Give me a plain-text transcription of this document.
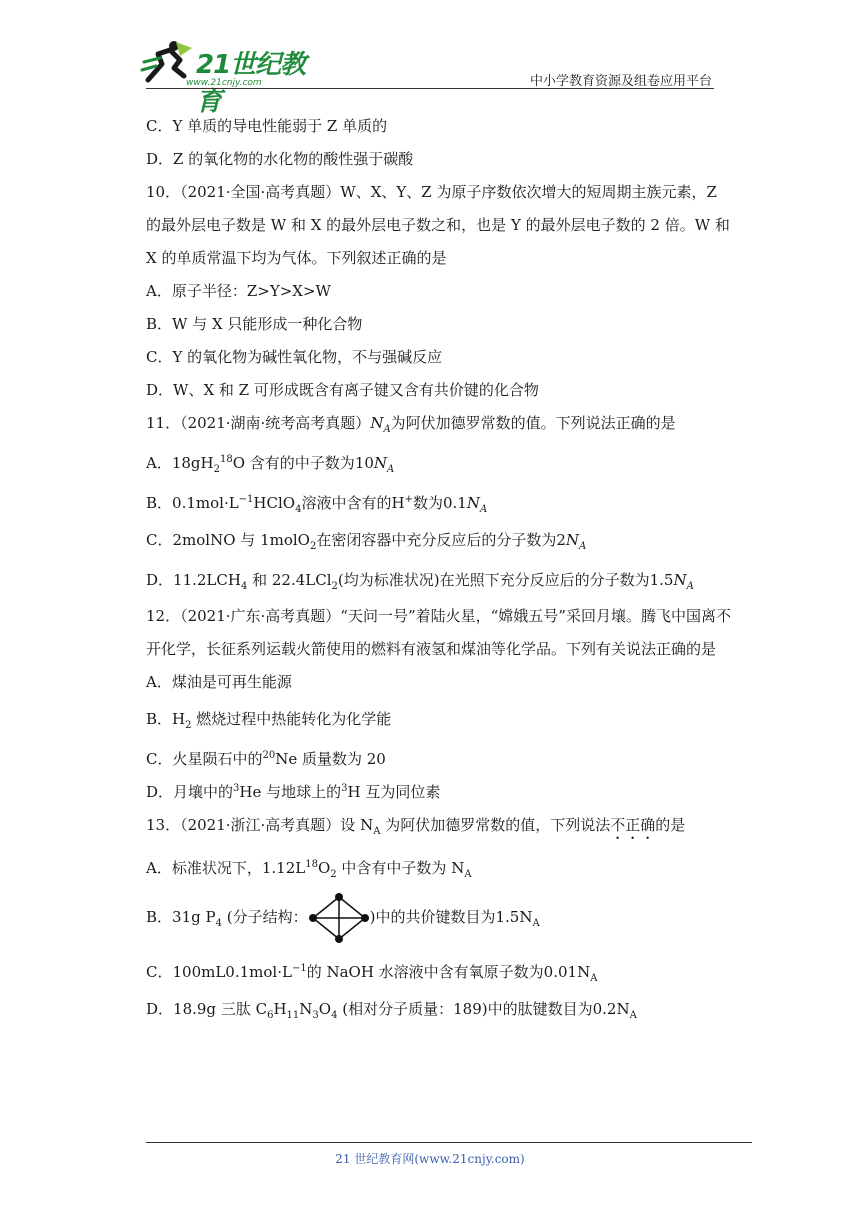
21世纪教育
www.21cnjy.com	中小学教育资源及组卷应用平台
C．Y 单质的导电性能弱于 Z 单质的
D．Z 的氧化物的水化物的酸性强于碳酸
10．（2021·全国·高考真题）W、X、Y、Z 为原子序数依次增大的短周期主族元素，Z
的最外层电子数是 W 和 X 的最外层电子数之和，也是 Y 的最外层电子数的 2 倍。W 和
X 的单质常温下均为气体。下列叙述正确的是
A．原子半径：Z>Y>X>W
B．W 与 X 只能形成一种化合物
C．Y 的氧化物为碱性氧化物，不与强碱反应
D．W、X 和 Z 可形成既含有离子键又含有共价键的化合物
11．（2021·湖南·统考高考真题）$N_A$为阿伏加德罗常数的值。下列说法正确的是
A．$18gH_2^{18}O$ 含有的中子数为$10N_A$
B．$0.1mol\cdot L^{-1}HClO_4$溶液中含有的H+数为$0.1N_A$
C．2molNO 与 1molO$_2$在密闭容器中充分反应后的分子数为$2N_A$
D．$11.2LCH_4$ 和 22.4LCl$_2$(均为标准状况)在光照下充分反应后的分子数为$1.5N_A$
12．（2021·广东·高考真题）“天问一号”着陆火星，“嫦娥五号”采回月壤。腾飞中国离不
开化学，长征系列运载火箭使用的燃料有液氢和煤油等化学品。下列有关说法正确的是
A．煤油是可再生能源
B．$H_2$ 燃烧过程中热能转化为化学能
C．火星陨石中的$^{20}$Ne 质量数为 20
D．月壤中的$^3$He 与地球上的$^3$H 互为同位素
13．（2021·浙江·高考真题）设 $N_A$ 为阿伏加德罗常数的值，下列说法不正确的是
A．标准状况下，$1.12L^{18}O_2$ 中含有中子数为 $N_A$
B．31g $P_4$ (分子结构：	)中的共价键数目为$1.5N_A$
C．$100mL0.1mol\cdot L^{-1}$的 NaOH 水溶液中含有氧原子数为$0.01N_A$
D．18.9g 三肽 $C_6H_{11}N_3O_4$ (相对分子质量：189)中的肽键数目为$0.2N_A$
21 世纪教育网(www.21cnjy.com)
